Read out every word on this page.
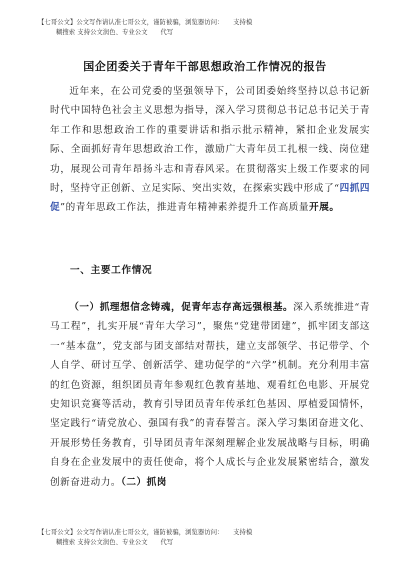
【七哥公文】公文写作请认准七哥公文，谨防被骗，浏览器访问：　　支持模
糊搜索 支持公文润色、专业公文　　代写
国企团委关于青年干部思想政治工作情况的报告
近年来，在公司党委的坚强领导下，公司团委始终坚持以总书记新时代中国特色社会主义思想为指导，深入学习贯彻总书记总书记关于青年工作和思想政治工作的重要讲话和指示批示精神，紧扣企业发展实际、全面抓好青年思想政治工作，激励广大青年员工扎根一线、岗位建功，展现公司青年昂扬斗志和青春风采。在贯彻落实上级工作要求的同时，坚持守正创新、立足实际、突出实效，在探索实践中形成了“四抓四促”的青年思政工作法，推进青年精神素养提升工作高质量开展。
一、主要工作情况
（一）抓理想信念铸魂，促青年志存高远强根基。深入系统推进“青马工程”，扎实开展“青年大学习”，聚焦“党建带团建”，抓牢团支部这一“基本盘”，党支部与团支部结对帮扶，建立支部领学、书记带学、个人自学、研讨互学、创新活学、建功促学的“六学”机制。充分利用丰富的红色资源，组织团员青年参观红色教育基地、观看红色电影、开展党史知识竞赛等活动，教育引导团员青年传承红色基因、厚植爱国情怀，坚定践行“请党放心、强国有我”的青春誓言。深入学习集团奋进文化、开展形势任务教育，引导团员青年深刻理解企业发展战略与目标，明确自身在企业发展中的责任使命，将个人成长与企业发展紧密结合，激发创新奋进动力。（二）抓岗
【七哥公文】公文写作请认准七哥公文，谨防被骗，浏览器访问：　　支持模
糊搜索 支持公文润色、专业公文　　代写
